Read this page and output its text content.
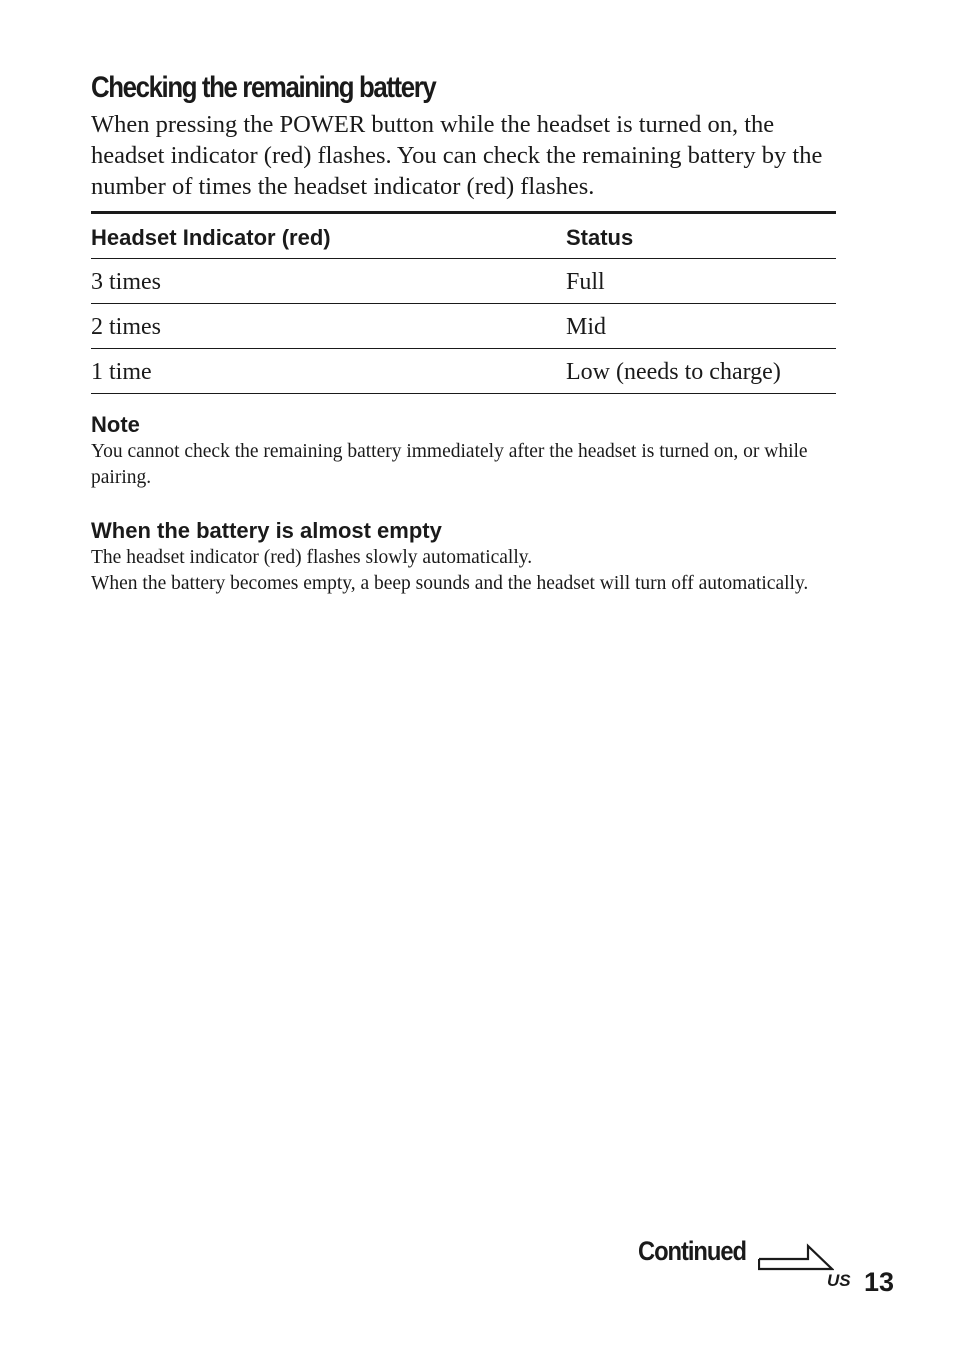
Checking the remaining battery

When pressing the POWER button while the headset is turned on, the headset indicator (red) flashes. You can check the remaining battery by the number of times the headset indicator (red) flashes.

Headset Indicator (red)	Status
3 times	Full
2 times	Mid
1 time	Low (needs to charge)
Note

You cannot check the remaining battery immediately after the headset is turned on, or while pairing.

When the battery is almost empty

The headset indicator (red) flashes slowly automatically.

When the battery becomes empty, a beep sounds and the headset will turn off automatically.

Continued
US 13
